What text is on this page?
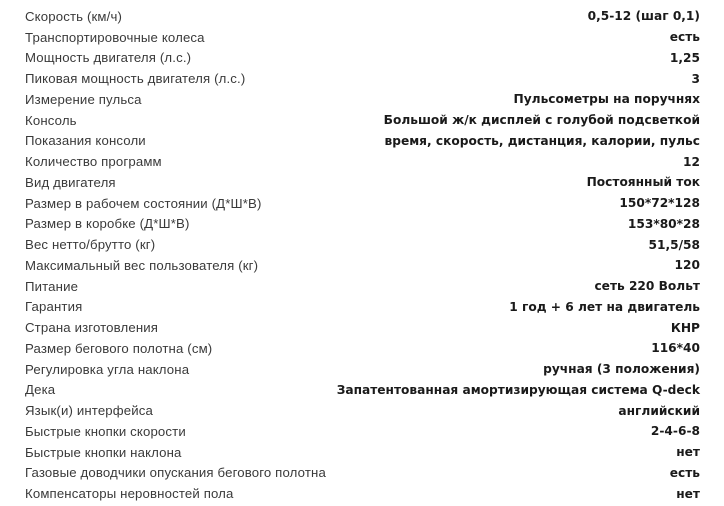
Скорость (км/ч)	0,5-12 (шаг 0,1)
Транспортировочные колеса	есть
Мощность двигателя (л.с.)	1,25
Пиковая мощность двигателя (л.с.)	3
Измерение пульса	Пульсометры на поручнях
Консоль	Большой ж/к дисплей с голубой подсветкой
Показания консоли	время, скорость, дистанция, калории, пульс
Количество программ	12
Вид двигателя	Постоянный ток
Размер в рабочем состоянии (Д*Ш*В)	150*72*128
Размер в коробке (Д*Ш*В)	153*80*28
Вес нетто/брутто (кг)	51,5/58
Максимальный вес пользователя (кг)	120
Питание	сеть 220 Вольт
Гарантия	1 год + 6 лет на двигатель
Страна изготовления	КНР
Размер бегового полотна (см)	116*40
Регулировка угла наклона	ручная (3 положения)
Дека	Запатентованная амортизирующая система Q-deck
Язык(и) интерфейса	английский
Быстрые кнопки скорости	2-4-6-8
Быстрые кнопки наклона	нет
Газовые доводчики опускания бегового полотна	есть
Компенсаторы неровностей пола	нет
